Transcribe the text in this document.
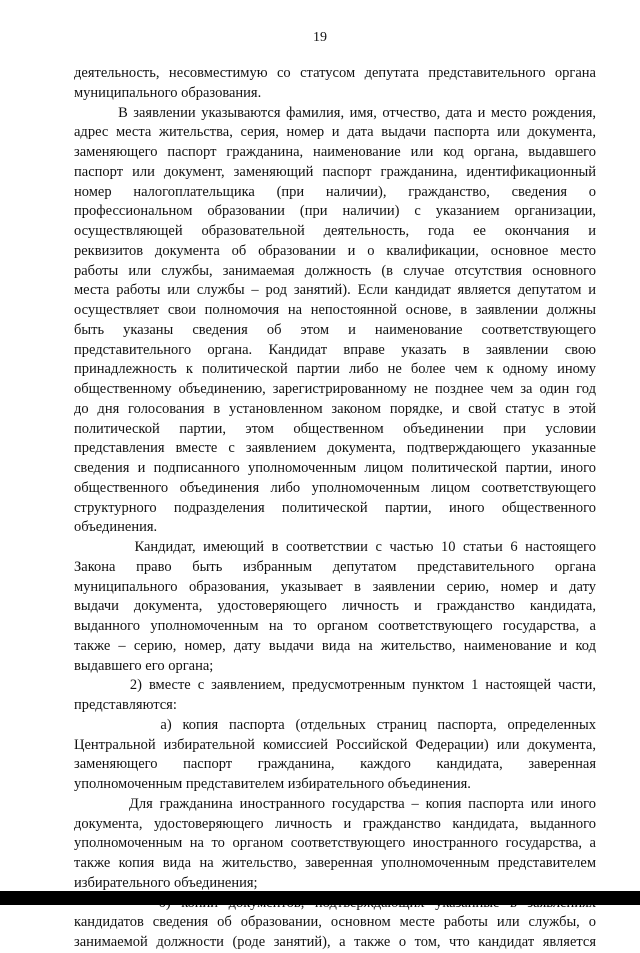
19
деятельность, несовместимую со статусом депутата представительного органа
муниципального образования.
В заявлении указываются фамилия, имя, отчество, дата и место рождения,
адрес места жительства, серия, номер и дата выдачи паспорта или документа,
заменяющего паспорт гражданина, наименование или код органа, выдавшего
паспорт или документ, заменяющий паспорт гражданина, идентификационный
номер налогоплательщика (при наличии), гражданство, сведения о
профессиональном образовании (при наличии) с указанием организации,
осуществляющей образовательной деятельность, года ее окончания и
реквизитов документа об образовании и о квалификации, основное место
работы или службы, занимаемая должность (в случае отсутствия основного
места работы или службы – род занятий). Если кандидат является депутатом и
осуществляет свои полномочия на непостоянной основе, в заявлении должны
быть указаны сведения об этом и наименование соответствующего
представительного органа. Кандидат вправе указать в заявлении свою
принадлежность к политической партии либо не более чем к одному иному
общественному объединению, зарегистрированному не позднее чем за один год
до дня голосования в установленном законом порядке, и свой статус в этой
политической партии, этом общественном объединении при условии
представления вместе с заявлением документа, подтверждающего указанные
сведения и подписанного уполномоченным лицом политической партии, иного
общественного объединения либо уполномоченным лицом соответствующего
структурного подразделения политической партии, иного общественного
объединения.
Кандидат, имеющий в соответствии с частью 10 статьи 6 настоящего
Закона право быть избранным депутатом представительного органа
муниципального образования, указывает в заявлении серию, номер и дату
выдачи документа, удостоверяющего личность и гражданство кандидата,
выданного уполномоченным на то органом соответствующего государства, а
также – серию, номер, дату выдачи вида на жительство, наименование и код
выдавшего его органа;
2) вместе с заявлением, предусмотренным пунктом 1 настоящей части,
представляются:
а) копия паспорта (отдельных страниц паспорта, определенных
Центральной избирательной комиссией Российской Федерации) или документа,
заменяющего паспорт гражданина, каждого кандидата, заверенная
уполномоченным представителем избирательного объединения.
Для гражданина иностранного государства – копия паспорта или иного
документа, удостоверяющего личность и гражданство кандидата, выданного
уполномоченным на то органом соответствующего иностранного государства, а
также копия вида на жительство, заверенная уполномоченным представителем
избирательного объединения;
кандидатов сведения об образовании, основном месте работы или службы, о
занимаемой должности (роде занятий), а также о том, что кандидат является
